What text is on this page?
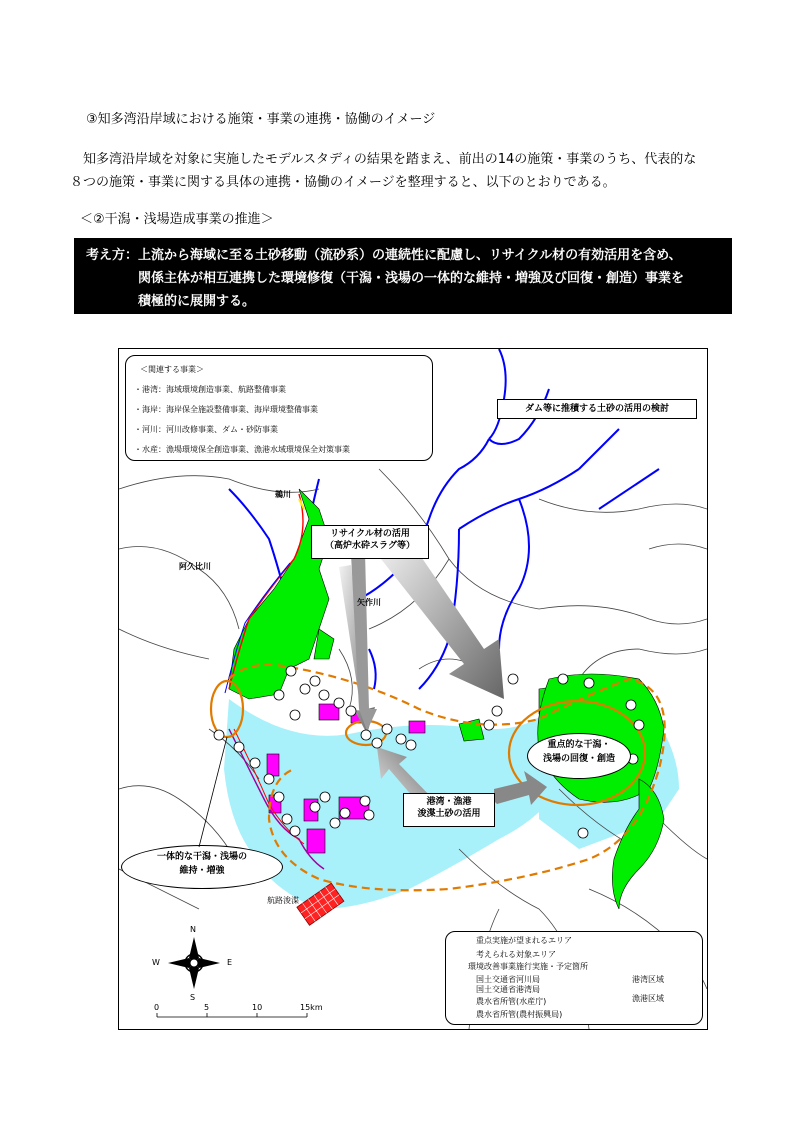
③知多湾沿岸域における施策・事業の連携・協働のイメージ
知多湾沿岸域を対象に実施したモデルスタディの結果を踏まえ、前出の14の施策・事業のうち、代表的な
８つの施策・事業に関する具体の連携・協働のイメージを整理すると、以下のとおりである。
＜②干潟・浅場造成事業の推進＞
考え方： 上流から海域に至る土砂移動（流砂系）の連続性に配慮し、リサイクル材の有効活用を含め、
関係主体が相互連携した環境修復（干潟・浅場の一体的な維持・増強及び回復・創造）事業を
積極的に展開する。
＜関連する事業＞
・港湾：海域環境創造事業、航路整備事業
・海岸：海岸保全施設整備事業、海岸環境整備事業
・河川：河川改修事業、ダム・砂防事業
・水産：漁場環境保全創造事業、漁港水域環境保全対策事業
ダム等に推積する土砂の活用の検討
リサイクル材の活用
（高炉水砕スラグ等）
鵜川
阿久比川
矢作川
重点的な干潟・
浅場の回復・創造
港湾・漁港
浚渫土砂の活用
一体的な干潟・浅場の
維持・増強
航路浚渫
N
S
E
W
0	5	10	15km
重点実施が望まれるエリア
考えられる対象エリア
環境改善事業施行実施・予定箇所
国土交通省河川局
国土交通省港湾局
農水省所管(水産庁)
農水省所管(農村振興局)
港湾区域
漁港区域
